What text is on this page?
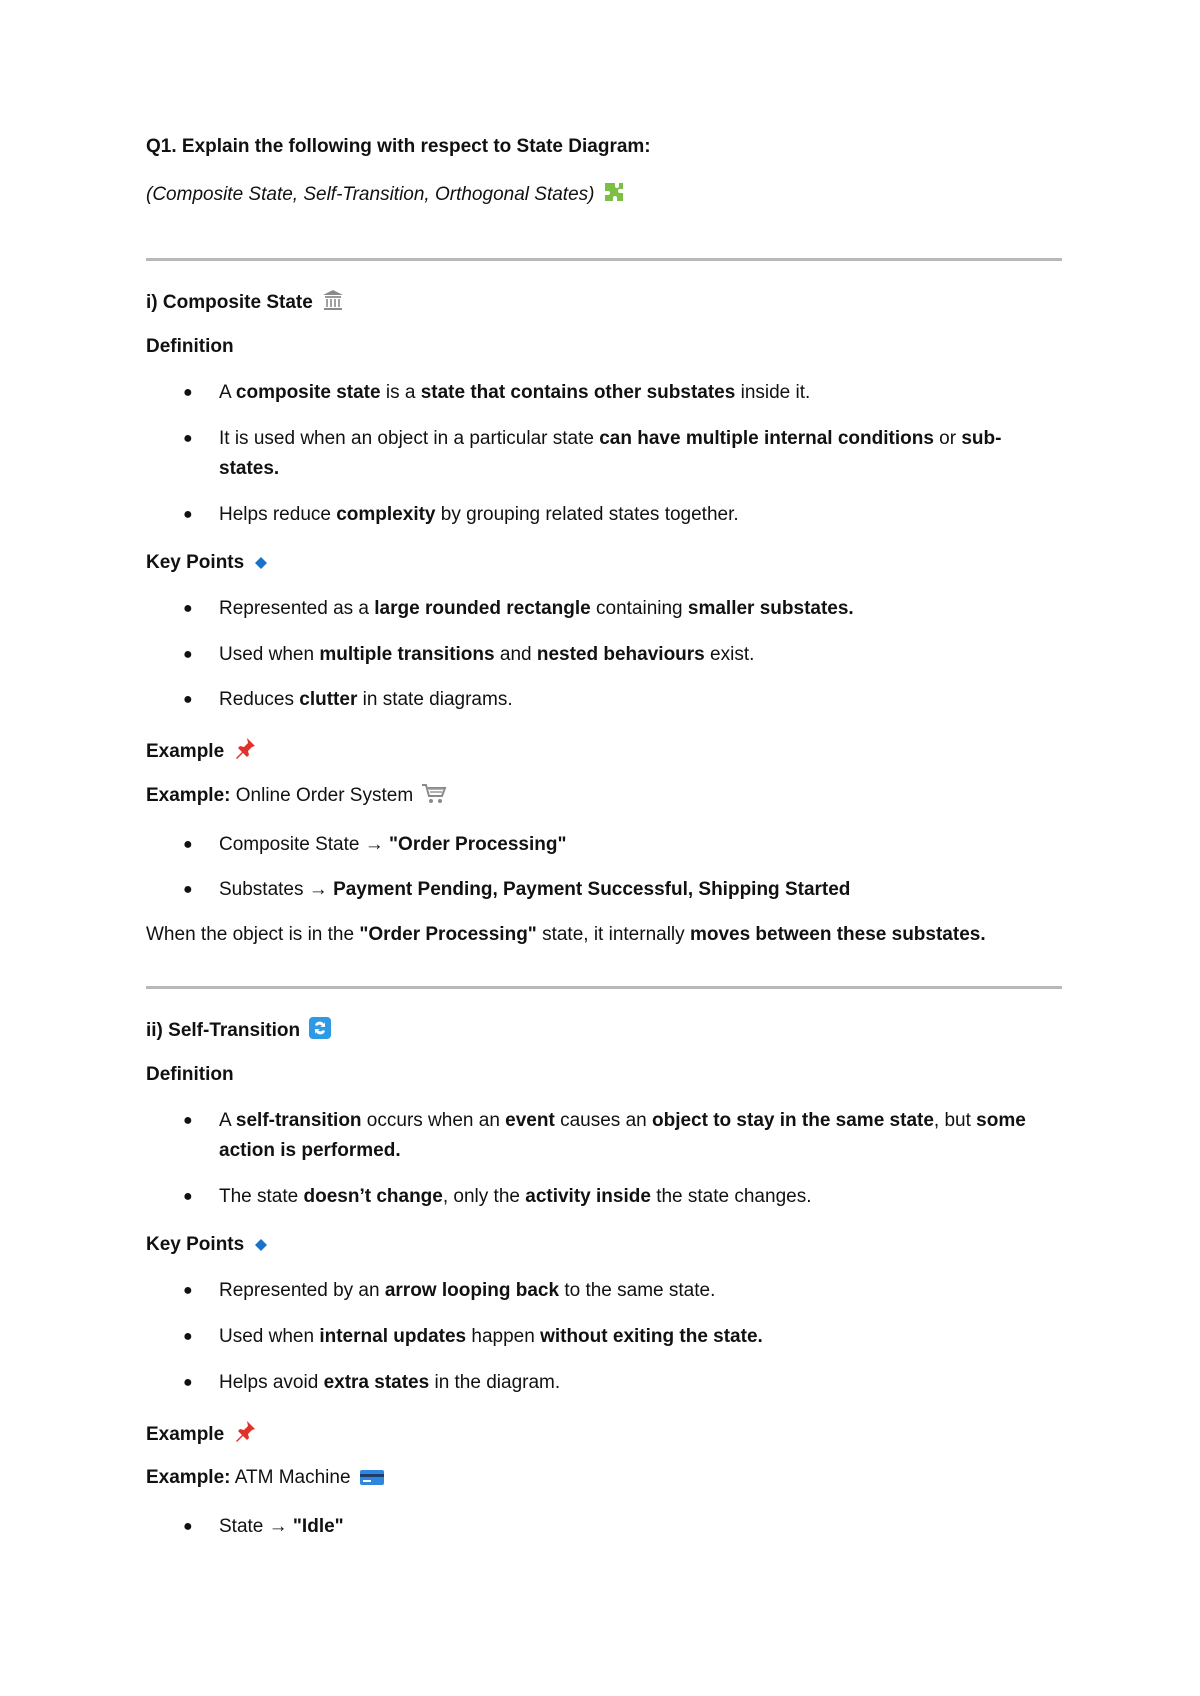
Q1. Explain the following with respect to State Diagram:
(Composite State, Self-Transition, Orthogonal States)
i) Composite State
Definition
● A composite state is a state that contains other substates inside it.
● It is used when an object in a particular state can have multiple internal conditions or sub-states.
● Helps reduce complexity by grouping related states together.
Key Points
● Represented as a large rounded rectangle containing smaller substates.
● Used when multiple transitions and nested behaviours exist.
● Reduces clutter in state diagrams.
Example
Example: Online Order System
● Composite State → "Order Processing"
● Substates → Payment Pending, Payment Successful, Shipping Started
When the object is in the "Order Processing" state, it internally moves between these substates.
ii) Self-Transition
Definition
● A self-transition occurs when an event causes an object to stay in the same state, but some action is performed.
● The state doesn’t change, only the activity inside the state changes.
Key Points
● Represented by an arrow looping back to the same state.
● Used when internal updates happen without exiting the state.
● Helps avoid extra states in the diagram.
Example
Example: ATM Machine
● State → "Idle"
